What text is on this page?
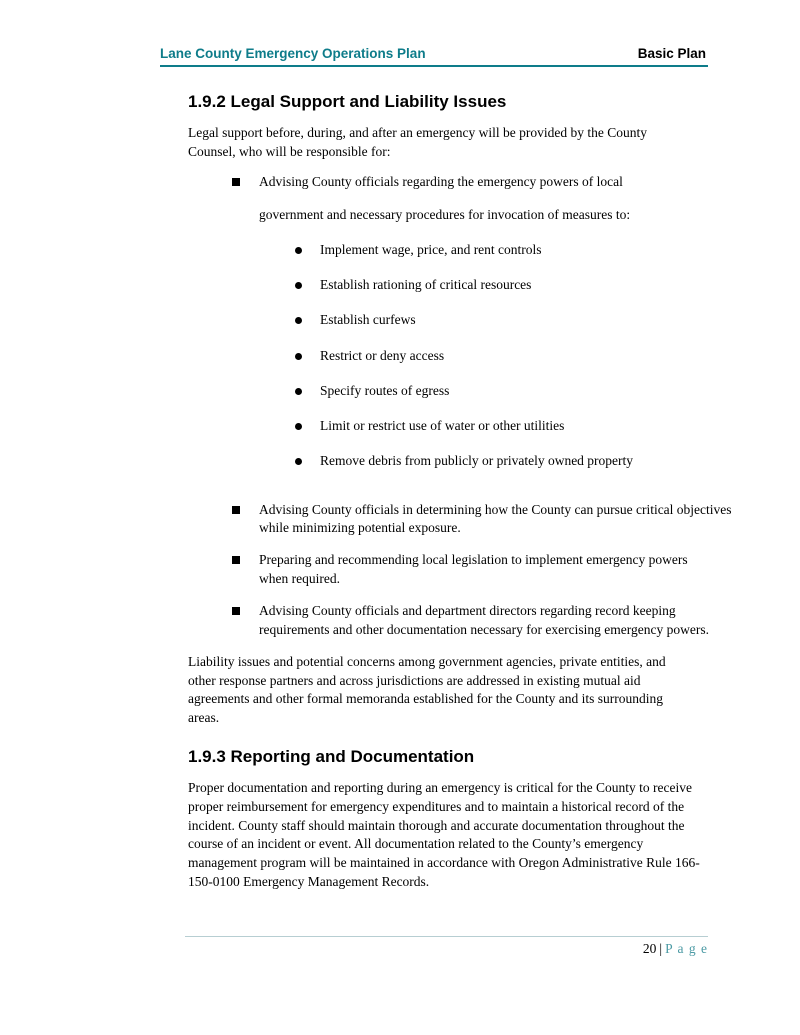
Lane County Emergency Operations Plan	Basic Plan
1.9.2 Legal Support and Liability Issues
Legal support before, during, and after an emergency will be provided by the County Counsel, who will be responsible for:
Advising County officials regarding the emergency powers of local
government and necessary procedures for invocation of measures to:
Implement wage, price, and rent controls
Establish rationing of critical resources
Establish curfews
Restrict or deny access
Specify routes of egress
Limit or restrict use of water or other utilities
Remove debris from publicly or privately owned property
Advising County officials in determining how the County can pursue critical objectives while minimizing potential exposure.
Preparing and recommending local legislation to implement emergency powers when required.
Advising County officials and department directors regarding record keeping requirements and other documentation necessary for exercising emergency powers.
Liability issues and potential concerns among government agencies, private entities, and other response partners and across jurisdictions are addressed in existing mutual aid agreements and other formal memoranda established for the County and its surrounding areas.
1.9.3 Reporting and Documentation
Proper documentation and reporting during an emergency is critical for the County to receive proper reimbursement for emergency expenditures and to maintain a historical record of the incident. County staff should maintain thorough and accurate documentation throughout the course of an incident or event. All documentation related to the County’s emergency management program will be maintained in accordance with Oregon Administrative Rule 166-150-0100 Emergency Management Records.
20 | P a g e
